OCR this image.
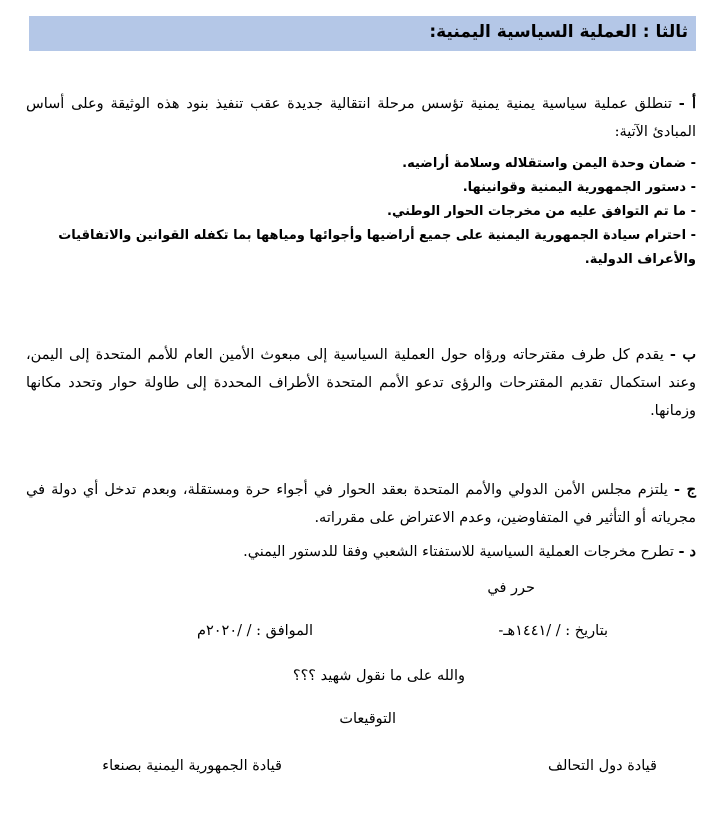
ثالثا : العملية السياسية اليمنية:
أ - تنطلق عملية سياسية يمنية يمنية تؤسس مرحلة انتقالية جديدة عقب تنفيذ بنود هذه الوثيقة وعلى أساس المبادئ الآتية:
- ضمان وحدة اليمن واستقلاله وسلامة أراضيه.
- دستور الجمهورية اليمنية وقوانينها.
- ما تم التوافق عليه من مخرجات الحوار الوطني.
- احترام سيادة الجمهورية اليمنية على جميع أراضيها وأجوائها ومياهها بما تكفله القوانين والاتفاقيات والأعراف الدولية.
ب - يقدم كل طرف مقترحاته ورؤاه حول العملية السياسية إلى مبعوث الأمين العام للأمم المتحدة إلى اليمن، وعند استكمال تقديم المقترحات والرؤى تدعو الأمم المتحدة الأطراف المحددة إلى طاولة حوار وتحدد مكانها وزمانها.
ج - يلتزم مجلس الأمن الدولي والأمم المتحدة بعقد الحوار في أجواء حرة ومستقلة، وبعدم تدخل أي دولة في مجرياته أو التأثير في المتفاوضين، وعدم الاعتراض على مقرراته.
د - تطرح مخرجات العملية السياسية للاستفتاء الشعبي وفقا للدستور اليمني.
حرر في
بتاريخ : / /١٤٤١هـ-
الموافق : / /٢٠٢٠م
والله على ما نقول شهيد ؟؟؟
التوقيعات
قيادة دول التحالف
قيادة الجمهورية اليمنية بصنعاء
